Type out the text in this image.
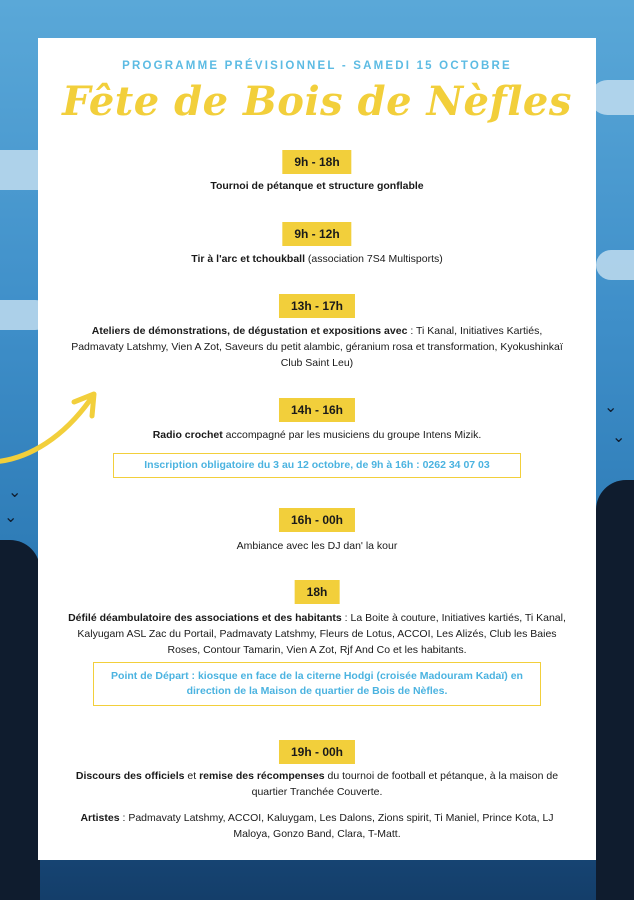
⌄
⌄
⌄
⌄
PROGRAMME PRÉVISIONNEL - SAMEDI 15 OCTOBRE
Fête de Bois de Nèfles
9h - 18h
Tournoi de pétanque et structure gonflable
9h - 12h
Tir à l'arc et tchoukball (association 7S4 Multisports)
13h - 17h
Ateliers de démonstrations, de dégustation et expositions avec : Ti Kanal, Initiatives Kartiés, Padmavaty Latshmy, Vien A Zot, Saveurs du petit alambic, géranium rosa et transformation, Kyokushinkaï Club Saint Leu)
14h - 16h
Radio crochet accompagné par les musiciens du groupe Intens Mizik.
Inscription obligatoire du 3 au 12 octobre, de 9h à 16h : 0262 34 07 03
16h - 00h
Ambiance avec les DJ dan' la kour
18h
Défilé déambulatoire des associations et des habitants : La Boite à couture, Initiatives kartiés, Ti Kanal, Kalyugam ASL Zac du Portail, Padmavaty Latshmy, Fleurs de Lotus, ACCOI, Les Alizés, Club les Baies Roses, Contour Tamarin, Vien A Zot, Rjf And Co et les habitants.
Point de Départ : kiosque en face de la citerne Hodgi (croisée Madouram Kadaï) en direction de la Maison de quartier de Bois de Nèfles.
19h - 00h
Discours des officiels et remise des récompenses du tournoi de football et pétanque, à la maison de quartier Tranchée Couverte.
Artistes : Padmavaty Latshmy, ACCOI, Kaluygam, Les Dalons, Zions spirit, Ti Maniel, Prince Kota, LJ Maloya, Gonzo Band, Clara, T-Matt.
